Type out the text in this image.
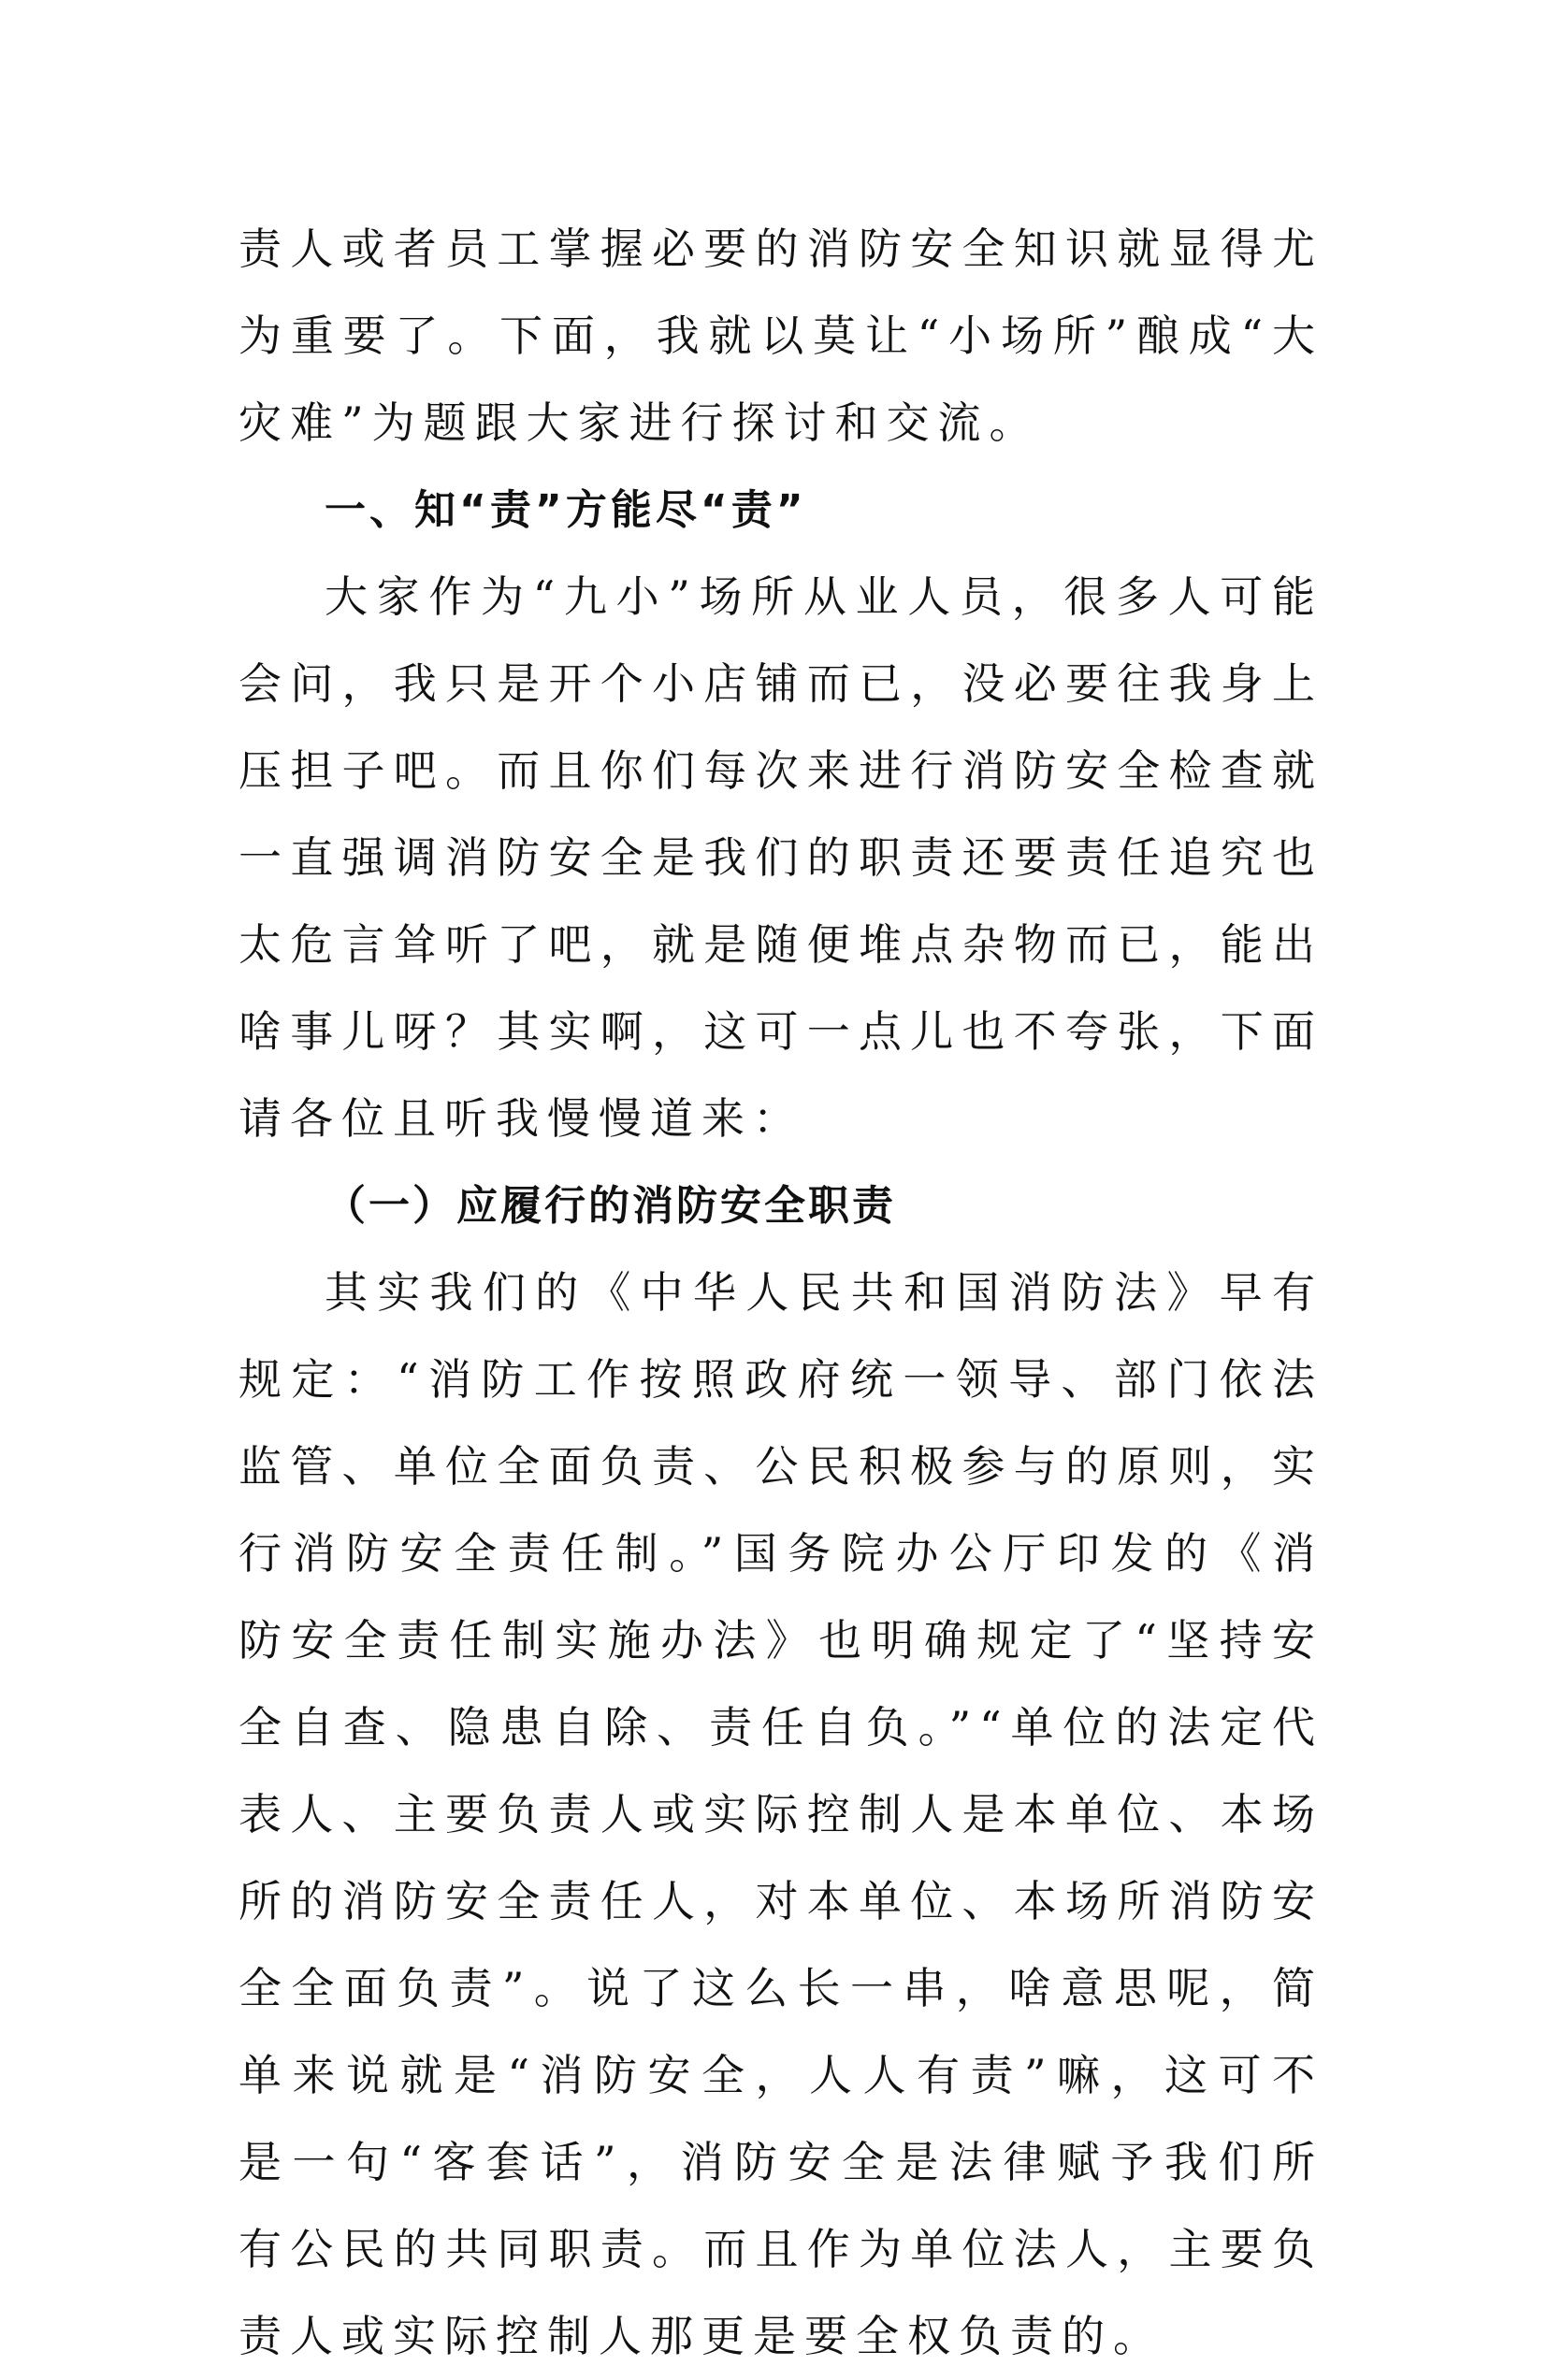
责人或者员工掌握必要的消防安全知识就显得尤为重要了。下面，我就以莫让“小场所”酿成“大灾难”为题跟大家进行探讨和交流。

一、知“责”方能尽“责”

大家作为“九小”场所从业人员，很多人可能会问，我只是开个小店铺而已，没必要往我身上压担子吧。而且你们每次来进行消防安全检查就一直强调消防安全是我们的职责还要责任追究也太危言耸听了吧，就是随便堆点杂物而已，能出啥事儿呀？其实啊，这可一点儿也不夸张，下面请各位且听我慢慢道来：

（一）应履行的消防安全职责

其实我们的《中华人民共和国消防法》早有规定：“消防工作按照政府统一领导、部门依法监管、单位全面负责、公民积极参与的原则，实行消防安全责任制。”国务院办公厅印发的《消防安全责任制实施办法》也明确规定了“坚持安全自查、隐患自除、责任自负。”“单位的法定代表人、主要负责人或实际控制人是本单位、本场所的消防安全责任人，对本单位、本场所消防安全全面负责”。说了这么长一串，啥意思呢，简单来说就是“消防安全，人人有责”嘛，这可不是一句“客套话”，消防安全是法律赋予我们所有公民的共同职责。而且作为单位法人，主要负责人或实际控制人那更是要全权负责的。
